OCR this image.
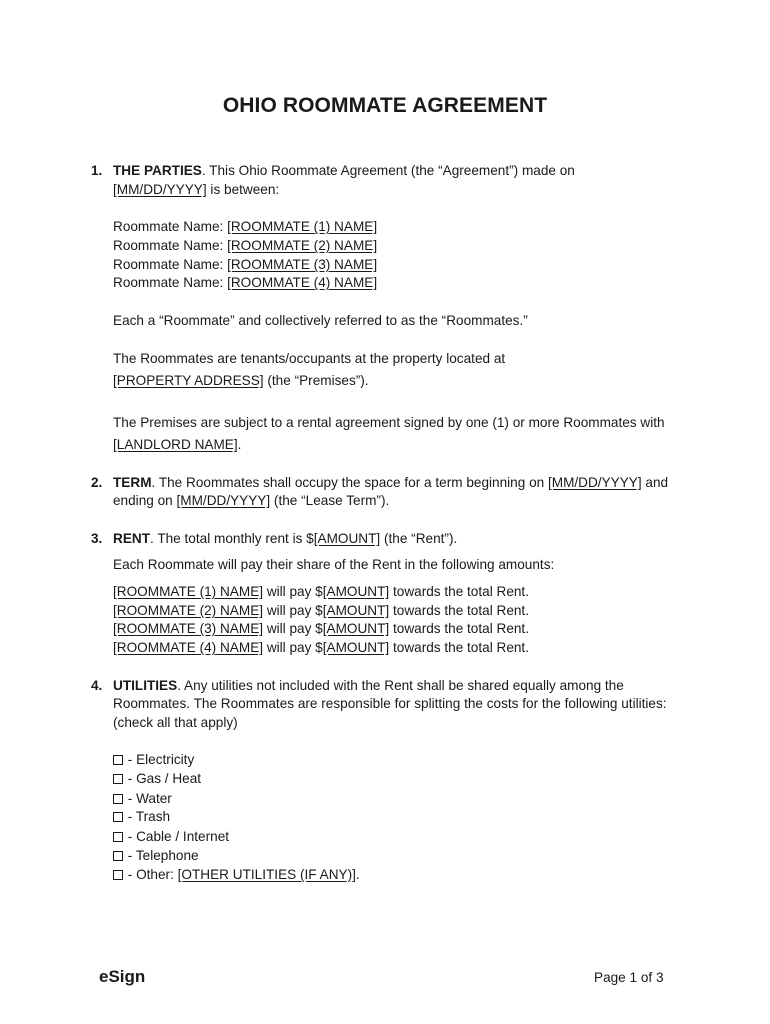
OHIO ROOMMATE AGREEMENT
1. THE PARTIES. This Ohio Roommate Agreement (the “Agreement”) made on
[MM/DD/YYYY] is between:
Roommate Name: [ROOMMATE (1) NAME]
Roommate Name: [ROOMMATE (2) NAME]
Roommate Name: [ROOMMATE (3) NAME]
Roommate Name: [ROOMMATE (4) NAME]
Each a “Roommate” and collectively referred to as the “Roommates.”
The Roommates are tenants/occupants at the property located at
[PROPERTY ADDRESS] (the “Premises”).
The Premises are subject to a rental agreement signed by one (1) or more Roommates with
[LANDLORD NAME].
2. TERM. The Roommates shall occupy the space for a term beginning on [MM/DD/YYYY] and
ending on [MM/DD/YYYY] (the “Lease Term”).
3. RENT. The total monthly rent is $[AMOUNT] (the “Rent”).
Each Roommate will pay their share of the Rent in the following amounts:
[ROOMMATE (1) NAME] will pay $[AMOUNT] towards the total Rent.
[ROOMMATE (2) NAME] will pay $[AMOUNT] towards the total Rent.
[ROOMMATE (3) NAME] will pay $[AMOUNT] towards the total Rent.
[ROOMMATE (4) NAME] will pay $[AMOUNT] towards the total Rent.
4. UTILITIES. Any utilities not included with the Rent shall be shared equally among the
Roommates. The Roommates are responsible for splitting the costs for the following utilities:
(check all that apply)
- Electricity
- Gas / Heat
- Water
- Trash
- Cable / Internet
- Telephone
- Other: [OTHER UTILITIES (IF ANY)].
eSign	Page 1 of 3
